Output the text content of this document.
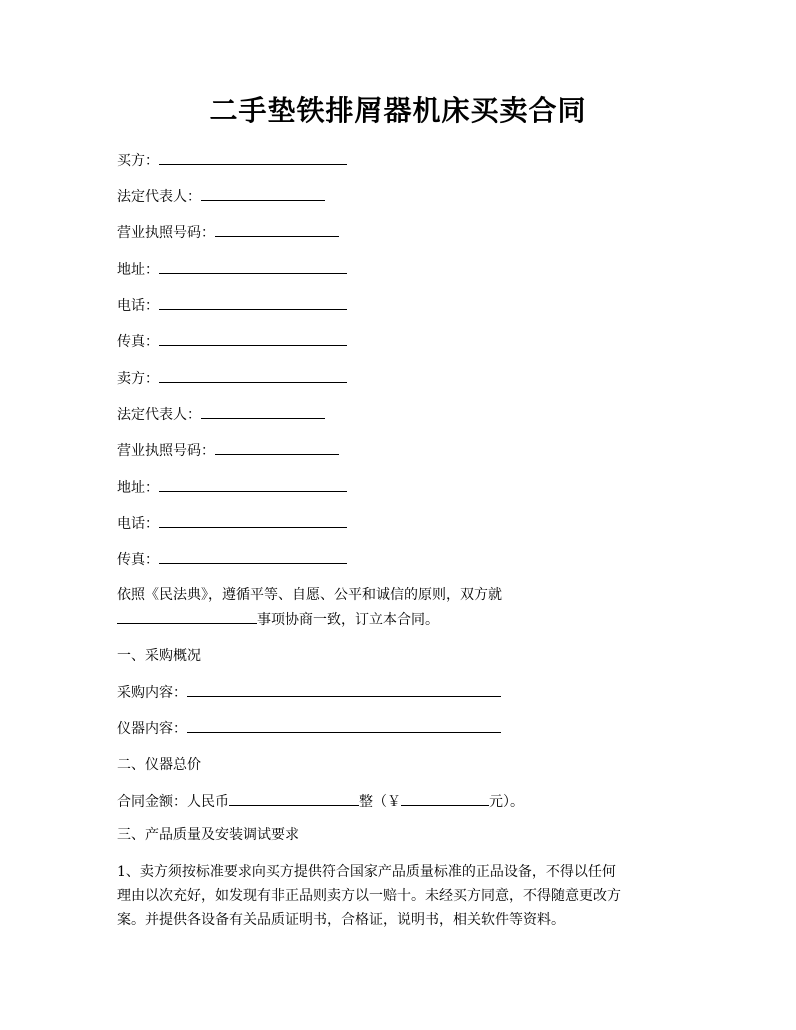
二手垫铁排屑器机床买卖合同
买方：
法定代表人：
营业执照号码：
地址：
电话：
传真：
卖方：
法定代表人：
营业执照号码：
地址：
电话：
传真：
依照《民法典》，遵循平等、自愿、公平和诚信的原则，双方就
事项协商一致，订立本合同。
一、采购概况
采购内容：
仪器内容：
二、仪器总价
合同金额：人民币	整（￥	元）。
三、产品质量及安装调试要求
1、卖方须按标准要求向买方提供符合国家产品质量标准的正品设备，不得以任何
理由以次充好，如发现有非正品则卖方以一赔十。未经买方同意，不得随意更改方
案。并提供各设备有关品质证明书，合格证，说明书，相关软件等资料。
